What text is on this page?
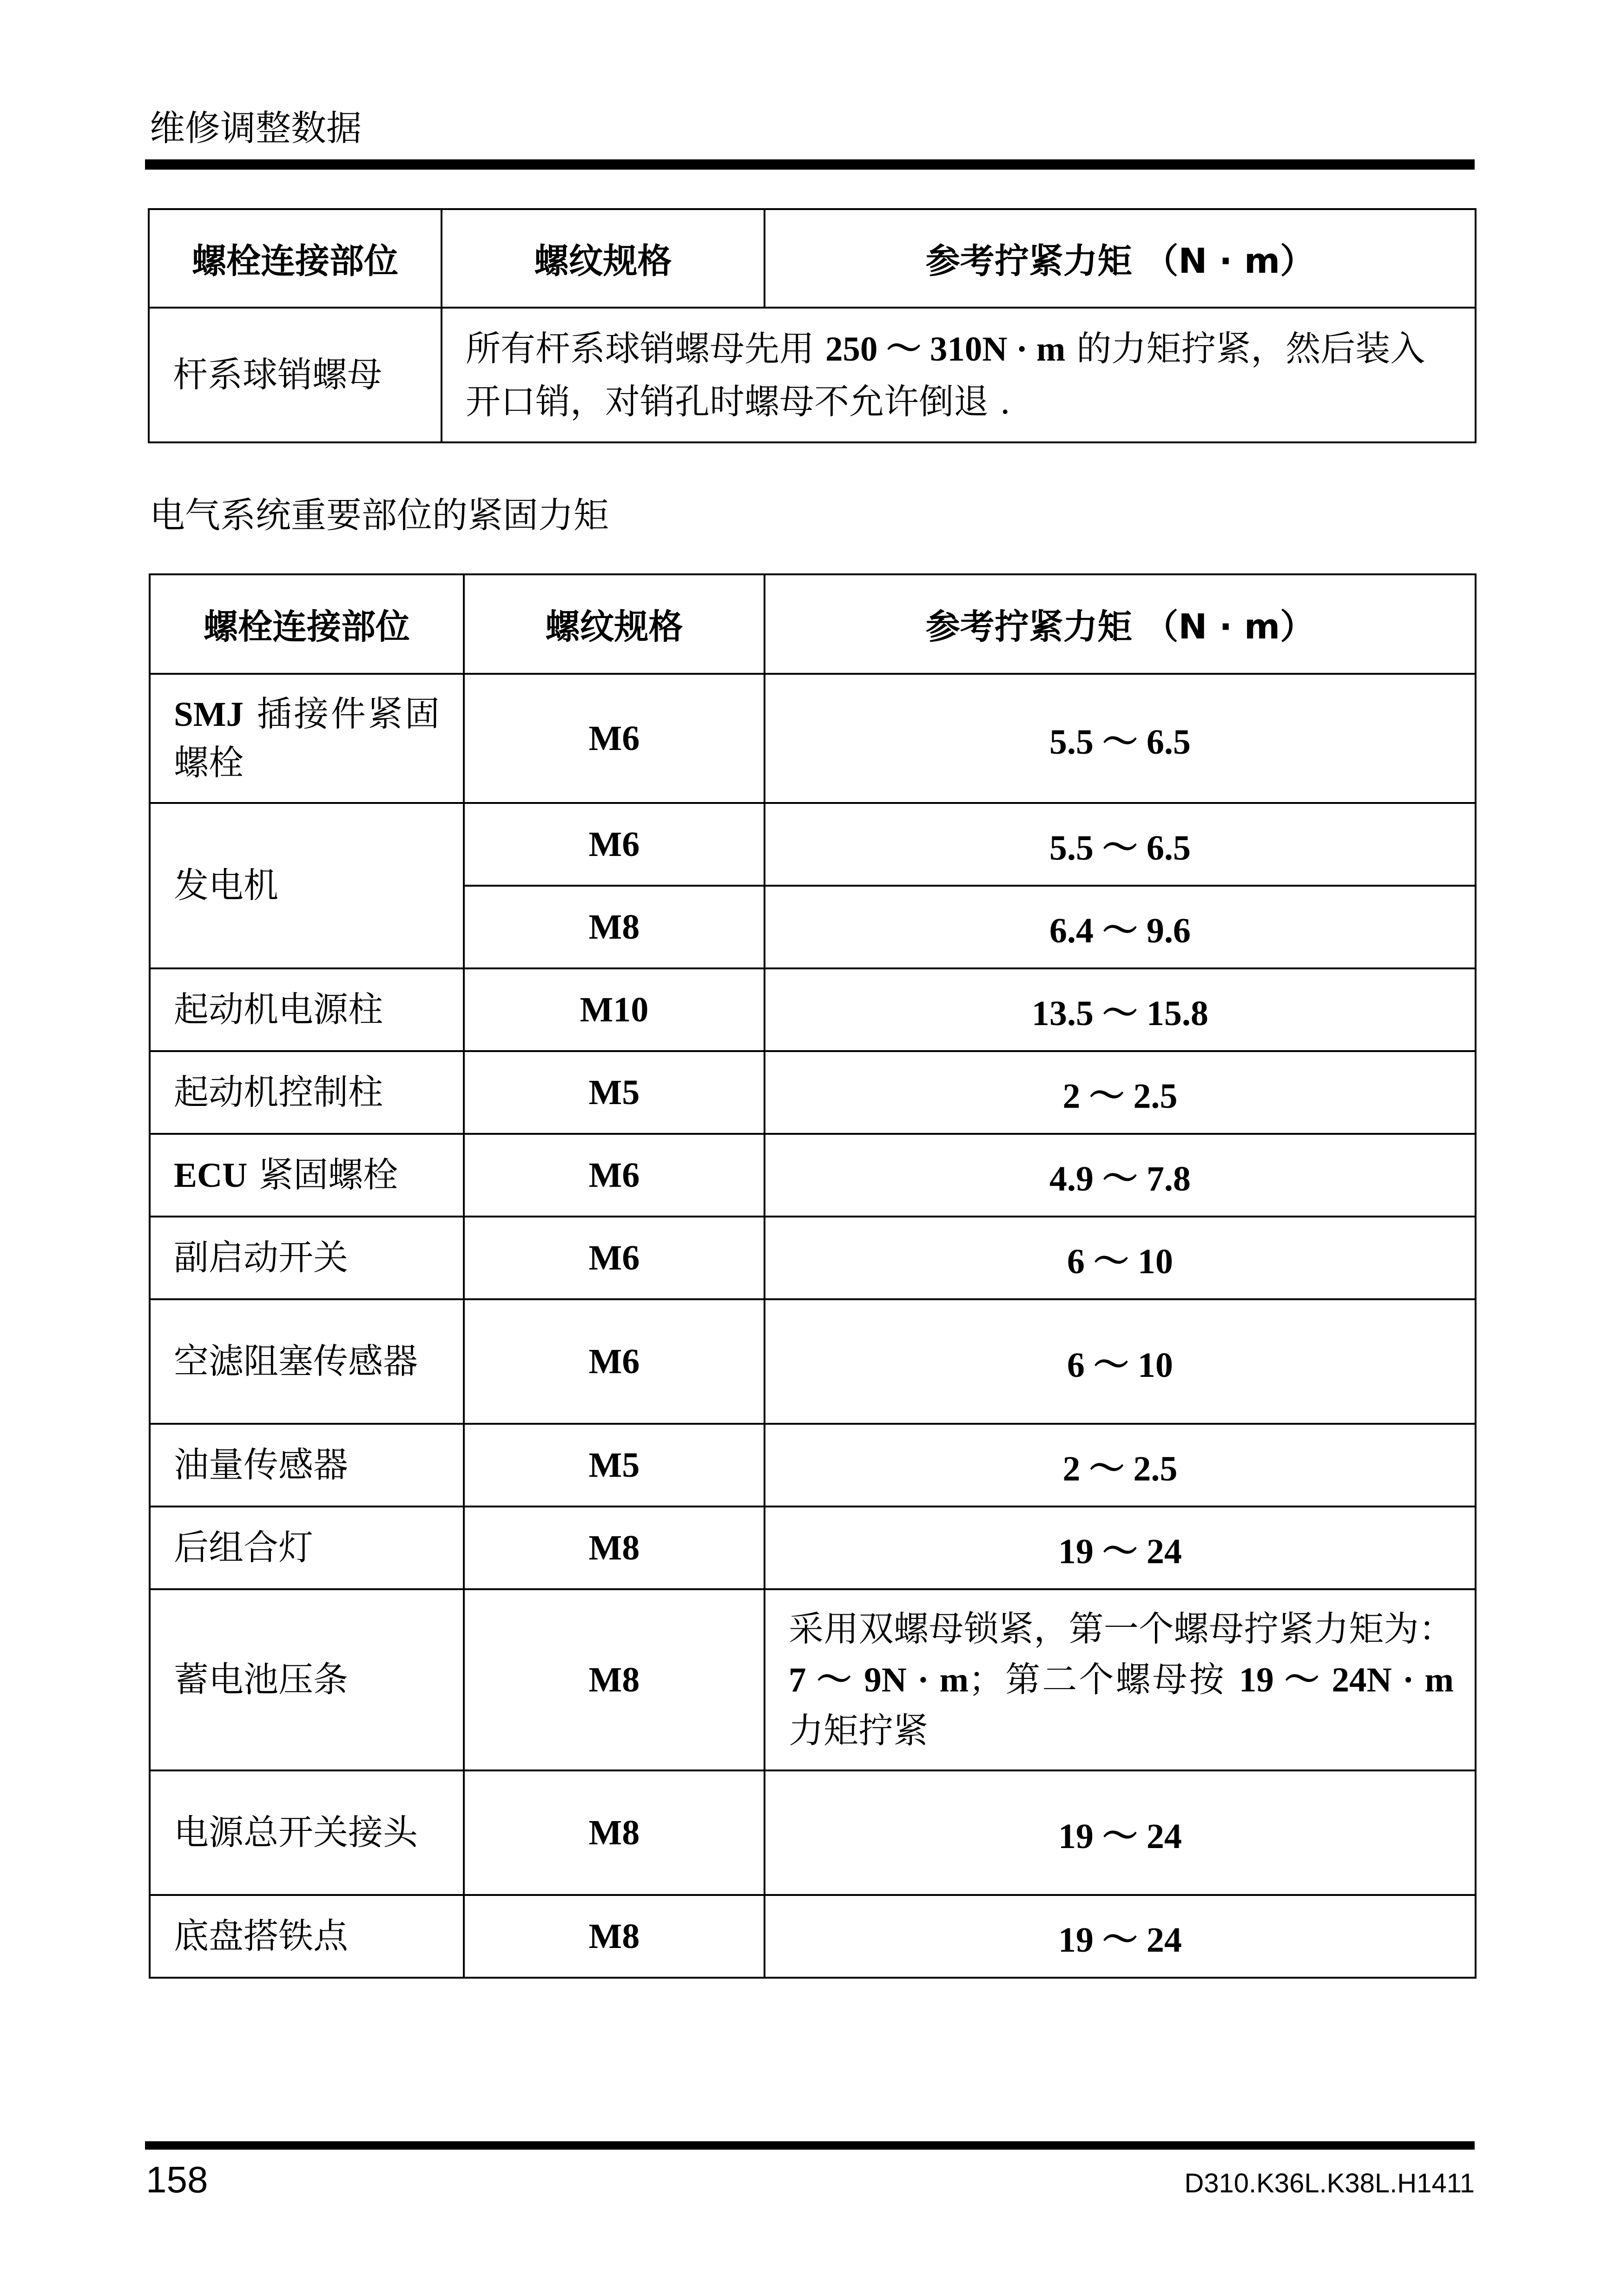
维修调整数据
螺栓连接部位	螺纹规格	参考拧紧力矩 （N · m）
杆系球销螺母	所有杆系球销螺母先用 250 ～ 310N · m 的力矩拧紧，然后装入开口销，对销孔时螺母不允许倒退 .	
电气系统重要部位的紧固力矩
螺栓连接部位	螺纹规格	参考拧紧力矩 （N · m）
SMJ 插接件紧固螺栓	M6	5.5 ～ 6.5
发电机	M6	5.5 ～ 6.5
	M8	6.4 ～ 9.6
起动机电源柱	M10	13.5 ～ 15.8
起动机控制柱	M5	2 ～ 2.5
ECU 紧固螺栓	M6	4.9 ～ 7.8
副启动开关	M6	6 ～ 10
空滤阻塞传感器	M6	6 ～ 10
油量传感器	M5	2 ～ 2.5
后组合灯	M8	19 ～ 24
蓄电池压条	M8	采用双螺母锁紧，第一个螺母拧紧力矩为：7 ～ 9N · m；第二个螺母按 19 ～ 24N · m 力矩拧紧
电源总开关接头	M8	19 ～ 24
底盘搭铁点	M8	19 ～ 24
158	D310.K36L.K38L.H1411
